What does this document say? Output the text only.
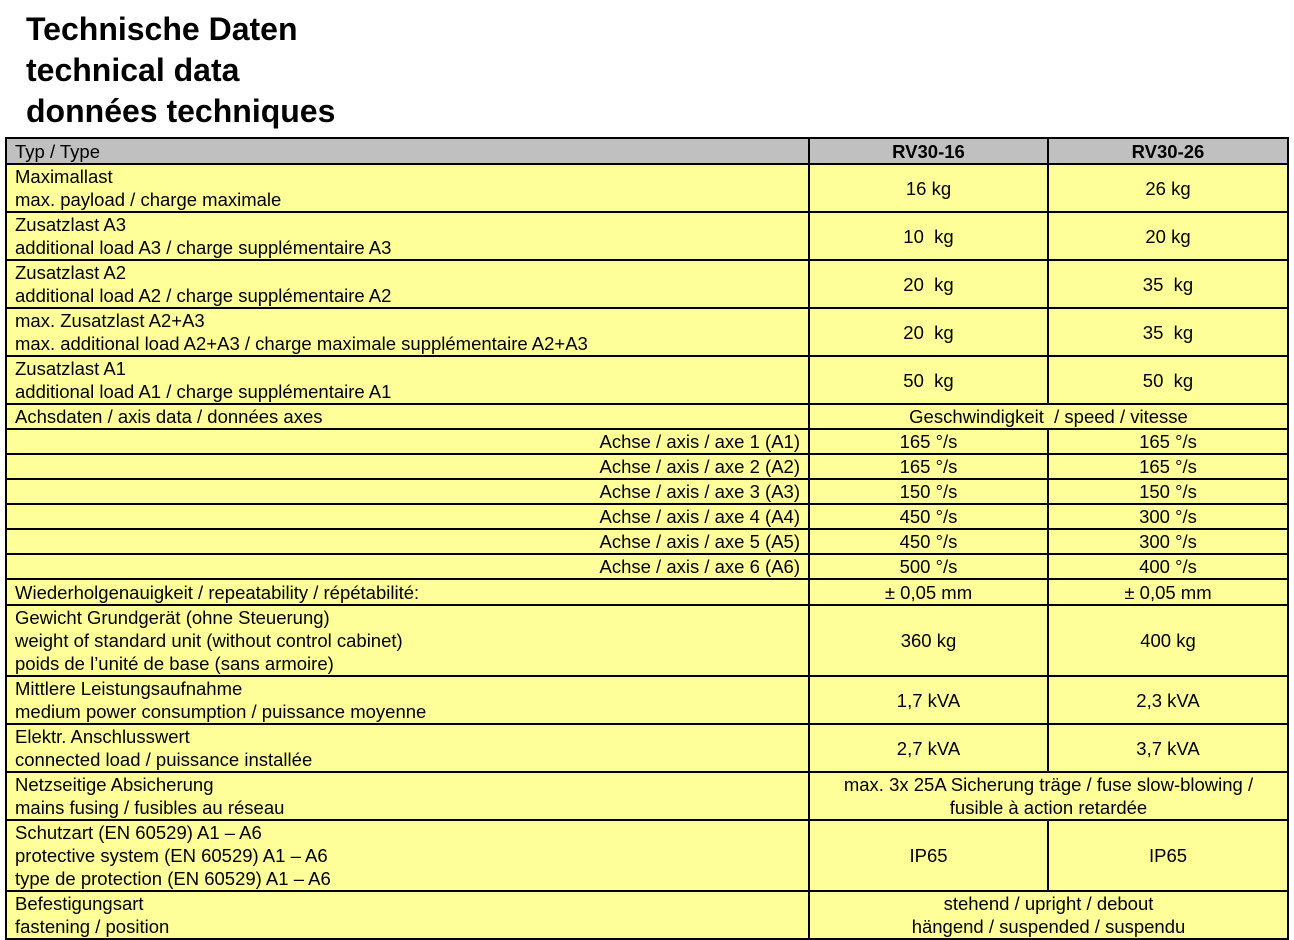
Technische Daten
technical data
données techniques
Typ / Type	RV30-16	RV30-26

Maximallast
max. payload / charge maximale	16 kg	26 kg

Zusatzlast A3
additional load A3 / charge supplémentaire A3	10  kg	20 kg

Zusatzlast A2
additional load A2 / charge supplémentaire A2	20  kg	35  kg

max. Zusatzlast A2+A3
max. additional load A2+A3 / charge maximale supplémentaire A2+A3	20  kg	35  kg

Zusatzlast A1
additional load A1 / charge supplémentaire A1	50  kg	50  kg
Achsdaten / axis data / données axes	Geschwindigkeit  / speed / vitesse	
Achse / axis / axe 1 (A1)	165 °/s	165 °/s
Achse / axis / axe 2 (A2)	165 °/s	165 °/s
Achse / axis / axe 3 (A3)	150 °/s	150 °/s
Achse / axis / axe 4 (A4)	450 °/s	300 °/s
Achse / axis / axe 5 (A5)	450 °/s	300 °/s
Achse / axis / axe 6 (A6)	500 °/s	400 °/s
Wiederholgenauigkeit / repeatability / répétabilité:	± 0,05 mm	± 0,05 mm

Gewicht Grundgerät (ohne Steuerung)
weight of standard unit (without control cabinet)
poids de l’unité de base (sans armoire)	360 kg	400 kg

Mittlere Leistungsaufnahme
medium power consumption / puissance moyenne	1,7 kVA	2,3 kVA

Elektr. Anschlusswert
connected load / puissance installée	2,7 kVA	3,7 kVA

Netzseitige Absicherung
mains fusing / fusibles au réseau	max. 3x 25A Sicherung träge / fuse slow-blowing /
fusible à action retardée	

Schutzart (EN 60529) A1 – A6
protective system (EN 60529) A1 – A6
type de protection (EN 60529) A1 – A6	IP65	IP65

Befestigungsart
fastening / position	stehend / upright / debout
hängend / suspended / suspendu	
